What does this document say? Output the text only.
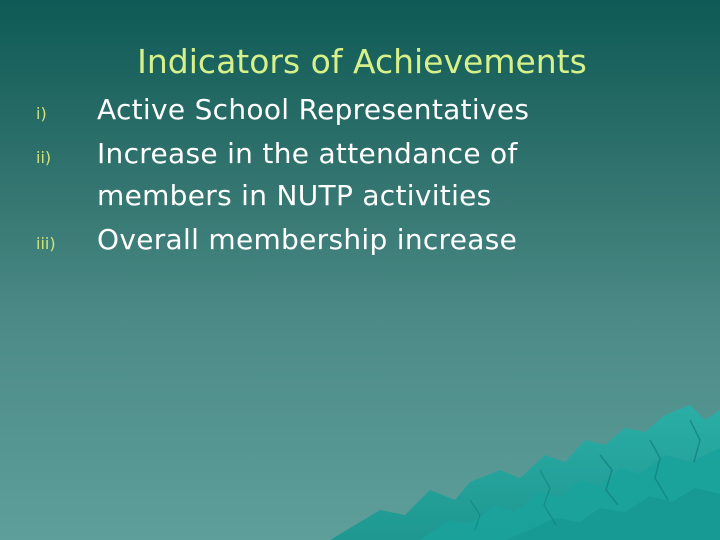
Indicators of Achievements
i) Active School Representatives
ii) Increase in the attendance of
members in NUTP activities
iii) Overall membership increase
